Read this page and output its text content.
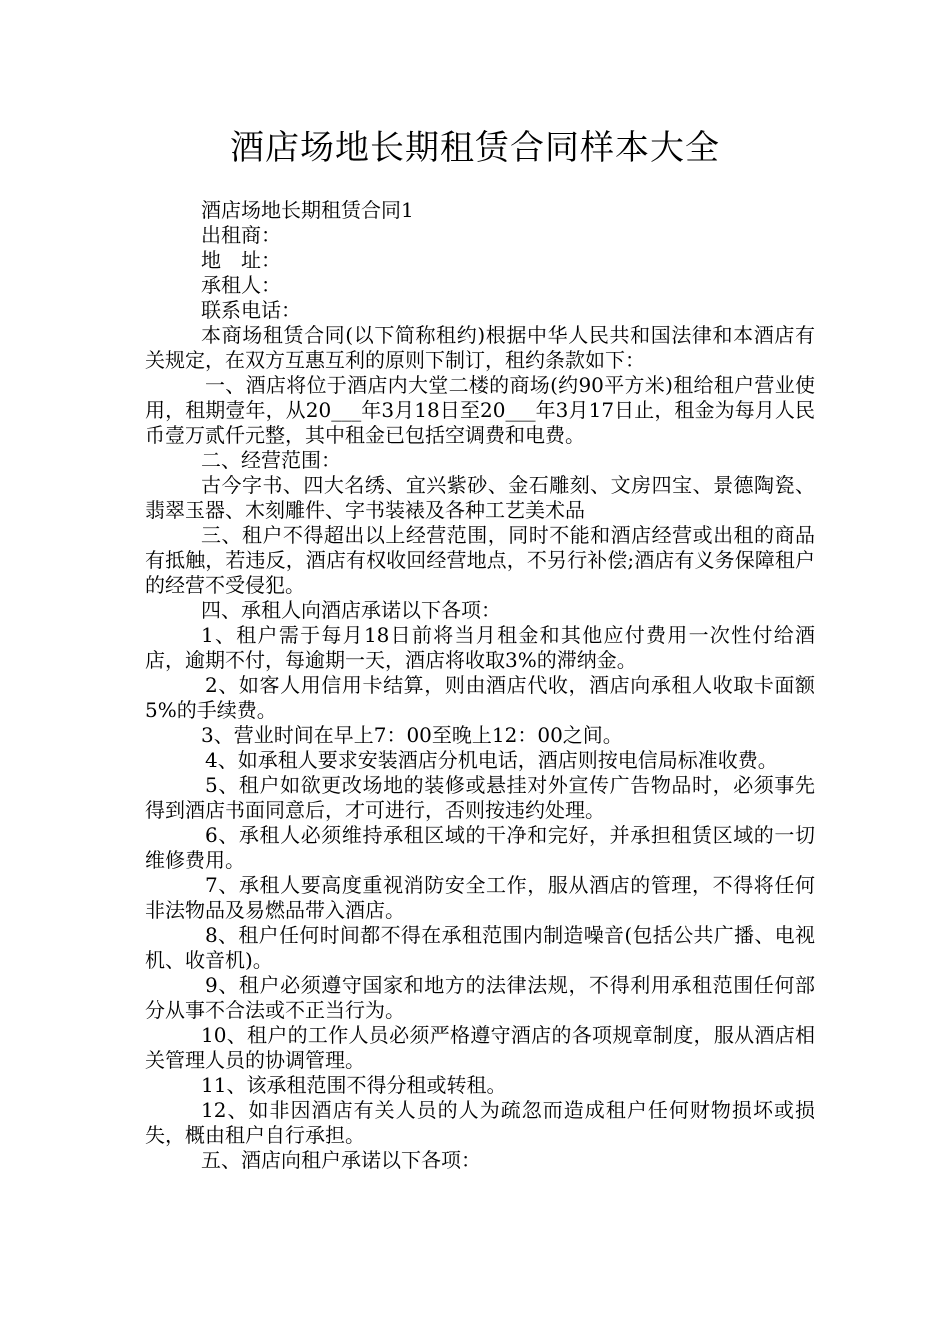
酒店场地长期租赁合同样本大全

酒店场地长期租赁合同1

出租商：

地　址：

承租人：

联系电话：

本商场租赁合同(以下简称租约)根据中华人民共和国法律和本酒店有关规定，在双方互惠互利的原则下制订，租约条款如下：

一、酒店将位于酒店内大堂二楼的商场(约90平方米)租给租户营业使用，租期壹年，从20___年3月18日至20___年3月17日止，租金为每月人民币壹万贰仟元整，其中租金已包括空调费和电费。

二、经营范围：

古今字书、四大名绣、宜兴紫砂、金石雕刻、文房四宝、景德陶瓷、翡翠玉器、木刻雕件、字书装裱及各种工艺美术品

三、租户不得超出以上经营范围，同时不能和酒店经营或出租的商品有抵触，若违反，酒店有权收回经营地点，不另行补偿;酒店有义务保障租户的经营不受侵犯。

四、承租人向酒店承诺以下各项：

1、租户需于每月18日前将当月租金和其他应付费用一次性付给酒店，逾期不付，每逾期一天，酒店将收取3%的滞纳金。

2、如客人用信用卡结算，则由酒店代收，酒店向承租人收取卡面额5%的手续费。

3、营业时间在早上7：00至晚上12：00之间。

4、如承租人要求安装酒店分机电话，酒店则按电信局标准收费。

5、租户如欲更改场地的装修或悬挂对外宣传广告物品时，必须事先得到酒店书面同意后，才可进行，否则按违约处理。

6、承租人必须维持承租区域的干净和完好，并承担租赁区域的一切维修费用。

7、承租人要高度重视消防安全工作，服从酒店的管理，不得将任何非法物品及易燃品带入酒店。

8、租户任何时间都不得在承租范围内制造噪音(包括公共广播、电视机、收音机)。

9、租户必须遵守国家和地方的法律法规，不得利用承租范围任何部分从事不合法或不正当行为。

10、租户的工作人员必须严格遵守酒店的各项规章制度，服从酒店相关管理人员的协调管理。

11、该承租范围不得分租或转租。

12、如非因酒店有关人员的人为疏忽而造成租户任何财物损坏或损失，概由租户自行承担。

五、酒店向租户承诺以下各项：
